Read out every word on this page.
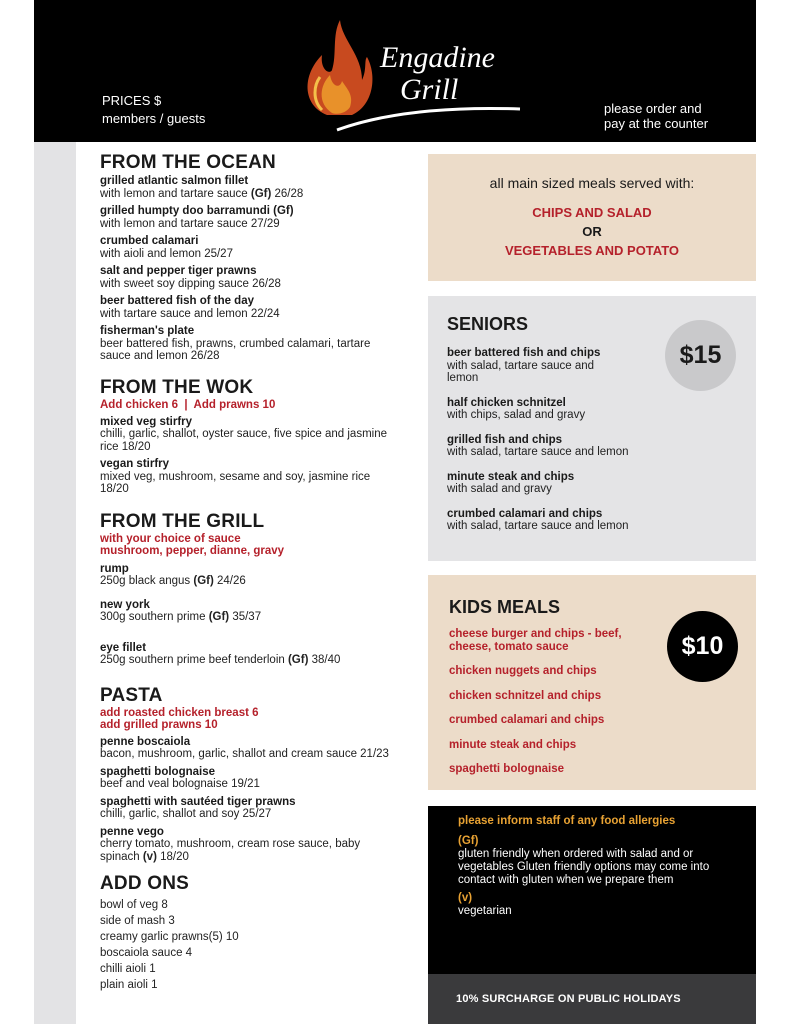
PRICES $
members / guests
Engadine
Grill
please order and
pay at the counter
FROM THE OCEAN
grilled atlantic salmon fillet
with lemon and tartare sauce (Gf) 26/28
grilled humpty doo barramundi (Gf)
with lemon and tartare sauce 27/29
crumbed calamari
with aioli and lemon 25/27
salt and pepper tiger prawns
with sweet soy dipping sauce 26/28
beer battered fish of the day
with tartare sauce and lemon 22/24
fisherman's plate
beer battered fish, prawns, crumbed calamari, tartare sauce and lemon 26/28
FROM THE WOK
Add chicken 6  |  Add prawns 10
mixed veg stirfry
chilli, garlic, shallot, oyster sauce, five spice and jasmine rice 18/20
vegan stirfry
mixed veg, mushroom, sesame and soy, jasmine rice 18/20
FROM THE GRILL
with your choice of sauce
mushroom, pepper, dianne, gravy
rump
250g black angus (Gf) 24/26
new york
300g southern prime (Gf) 35/37
eye fillet
250g southern prime beef tenderloin (Gf) 38/40
PASTA
add roasted chicken breast 6
add grilled prawns 10
penne boscaiola
bacon, mushroom, garlic, shallot and cream sauce 21/23
spaghetti bolognaise
beef and veal bolognaise 19/21
spaghetti with sautéed tiger prawns
chilli, garlic, shallot and soy 25/27
penne vego
cherry tomato, mushroom, cream rose sauce, baby spinach (v) 18/20
ADD ONS
bowl of veg 8
side of mash 3
creamy garlic prawns(5) 10
boscaiola sauce 4
chilli aioli 1
plain aioli 1
all main sized meals served with:
CHIPS AND SALAD
OR
VEGETABLES AND POTATO
SENIORS
$15
beer battered fish and chips
with salad, tartare sauce and lemon
half chicken schnitzel
with chips, salad and gravy
grilled fish and chips
with salad, tartare sauce and lemon
minute steak and chips
with salad and gravy
crumbed calamari and chips
with salad, tartare sauce and lemon
KIDS MEALS
$10
cheese burger and chips - beef, cheese, tomato sauce
chicken nuggets and chips
chicken schnitzel and chips
crumbed calamari and chips
minute steak and chips
spaghetti bolognaise
please inform staff of any food allergies
(Gf)
gluten friendly when ordered with salad and or vegetables Gluten friendly options may come into contact with gluten when we prepare them
(v)
vegetarian
10% SURCHARGE ON PUBLIC HOLIDAYS
